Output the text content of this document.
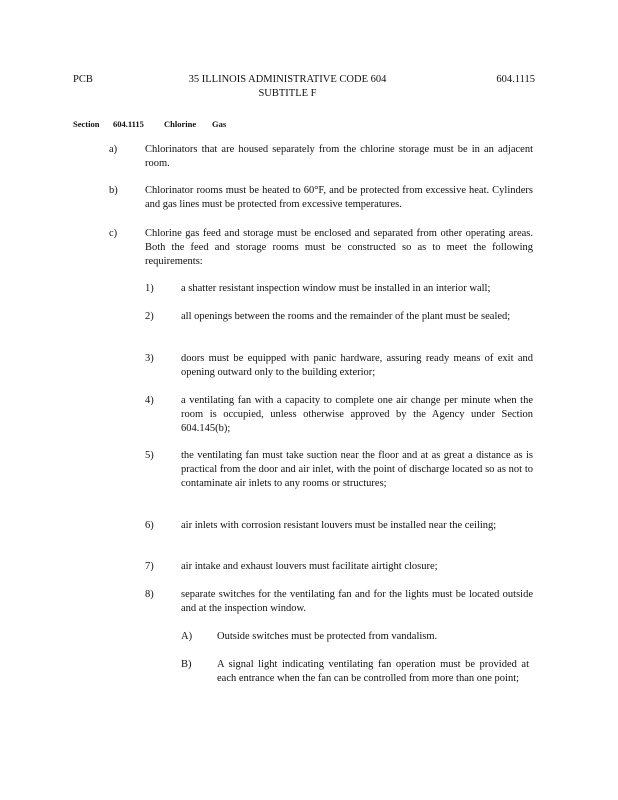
PCB	35 ILLINOIS ADMINISTRATIVE CODE 604
SUBTITLE F
604.1115
Section 604.1115 Chlorine Gas
a)	Chlorinators that are housed separately from the chlorine storage must be in an adjacent room.
b)	Chlorinator rooms must be heated to 60°F, and be protected from excessive heat. Cylinders and gas lines must be protected from excessive temperatures.
c)	Chlorine gas feed and storage must be enclosed and separated from other operating areas. Both the feed and storage rooms must be constructed so as to meet the following requirements:
1)	a shatter resistant inspection window must be installed in an interior wall;
2)	all openings between the rooms and the remainder of the plant must be sealed;
3)	doors must be equipped with panic hardware, assuring ready means of exit and opening outward only to the building exterior;
4)	a ventilating fan with a capacity to complete one air change per minute when the room is occupied, unless otherwise approved by the Agency under Section 604.145(b);
5)	the ventilating fan must take suction near the floor and at as great a distance as is practical from the door and air inlet, with the point of discharge located so as not to contaminate air inlets to any rooms or structures;
6)	air inlets with corrosion resistant louvers must be installed near the ceiling;
7)	air intake and exhaust louvers must facilitate airtight closure;
8)	separate switches for the ventilating fan and for the lights must be located outside and at the inspection window.
A) Outside switches must be protected from vandalism.
B) A signal light indicating ventilating fan operation must be provided at each entrance when the fan can be controlled from more than one point;
